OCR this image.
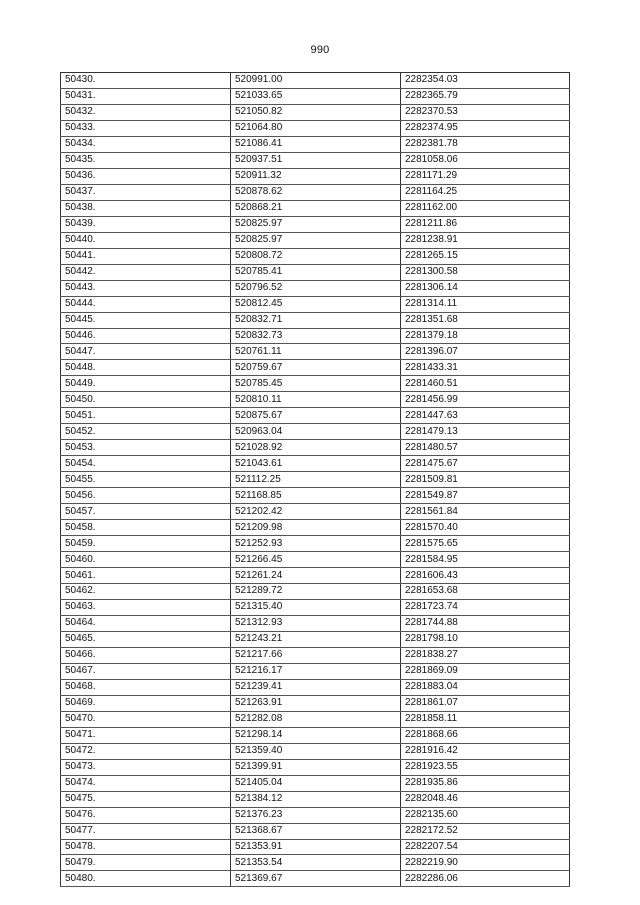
990
50430.	520991.00	2282354.03
50431.	521033.65	2282365.79
50432.	521050.82	2282370.53
50433.	521064.80	2282374.95
50434.	521086.41	2282381.78
50435.	520937.51	2281058.06
50436.	520911.32	2281171.29
50437.	520878.62	2281164.25
50438.	520868.21	2281162.00
50439.	520825.97	2281211.86
50440.	520825.97	2281238.91
50441.	520808.72	2281265.15
50442.	520785.41	2281300.58
50443.	520796.52	2281306.14
50444.	520812.45	2281314.11
50445.	520832.71	2281351.68
50446.	520832.73	2281379.18
50447.	520761.11	2281396.07
50448.	520759.67	2281433.31
50449.	520785.45	2281460.51
50450.	520810.11	2281456.99
50451.	520875.67	2281447.63
50452.	520963.04	2281479.13
50453.	521028.92	2281480.57
50454.	521043.61	2281475.67
50455.	521112.25	2281509.81
50456.	521168.85	2281549.87
50457.	521202.42	2281561.84
50458.	521209.98	2281570.40
50459.	521252.93	2281575.65
50460.	521266.45	2281584.95
50461.	521261.24	2281606.43
50462.	521289.72	2281653.68
50463.	521315.40	2281723.74
50464.	521312.93	2281744.88
50465.	521243.21	2281798.10
50466.	521217.66	2281838.27
50467.	521216.17	2281869.09
50468.	521239.41	2281883.04
50469.	521263.91	2281861.07
50470.	521282.08	2281858.11
50471.	521298.14	2281868.66
50472.	521359.40	2281916.42
50473.	521399.91	2281923.55
50474.	521405.04	2281935.86
50475.	521384.12	2282048.46
50476.	521376.23	2282135.60
50477.	521368.67	2282172.52
50478.	521353.91	2282207.54
50479.	521353.54	2282219.90
50480.	521369.67	2282286.06
